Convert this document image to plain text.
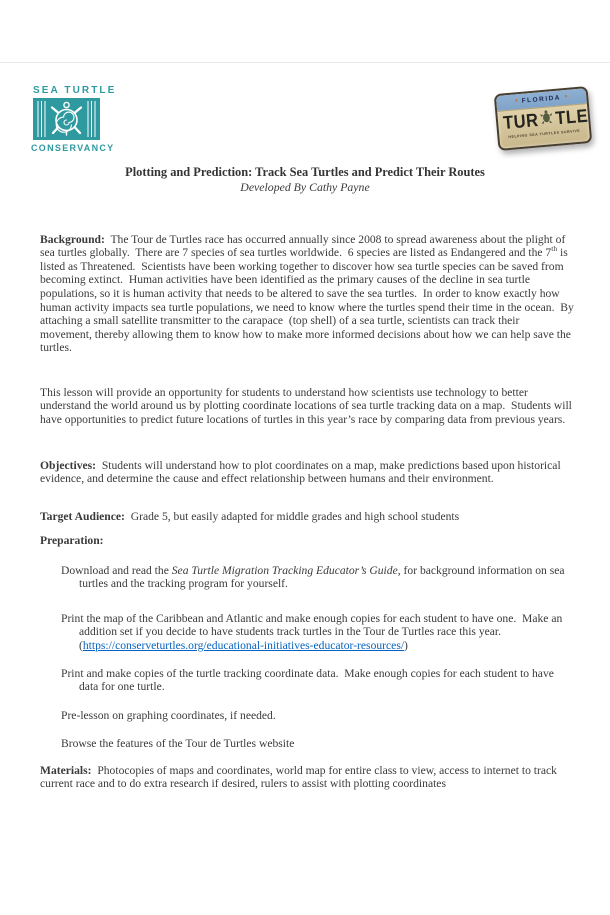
SEA TURTLE
CONSERVANCY
✶ FLORIDA ✶
TUR TLE
HELPING SEA TURTLES SURVIVE
Plotting and Prediction: Track Sea Turtles and Predict Their Routes
Developed By Cathy Payne

Background:  The Tour de Turtles race has occurred annually since 2008 to spread awareness about the plight of sea turtles globally.  There are 7 species of sea turtles worldwide.  6 species are listed as Endangered and the 7th is listed as Threatened.  Scientists have been working together to discover how sea turtle species can be saved from becoming extinct.  Human activities have been identified as the primary causes of the decline in sea turtle populations, so it is human activity that needs to be altered to save the sea turtles.  In order to know exactly how human activity impacts sea turtle populations, we need to know where the turtles spend their time in the ocean.  By attaching a small satellite transmitter to the carapace  (top shell) of a sea turtle, scientists can track their movement, thereby allowing them to know how to make more informed decisions about how we can help save the turtles.

This lesson will provide an opportunity for students to understand how scientists use technology to better understand the world around us by plotting coordinate locations of sea turtle tracking data on a map.  Students will have opportunities to predict future locations of turtles in this year’s race by comparing data from previous years.

Objectives:  Students will understand how to plot coordinates on a map, make predictions based upon historical evidence, and determine the cause and effect relationship between humans and their environment.

Target Audience:  Grade 5, but easily adapted for middle grades and high school students

Preparation:

Download and read the Sea Turtle Migration Tracking Educator’s Guide, for background information on sea turtles and the tracking program for yourself.

Print the map of the Caribbean and Atlantic and make enough copies for each student to have one.  Make an addition set if you decide to have students track turtles in the Tour de Turtles race this year. (https://conserveturtles.org/educational-initiatives-educator-resources/)

Print and make copies of the turtle tracking coordinate data.  Make enough copies for each student to have data for one turtle.

Pre-lesson on graphing coordinates, if needed.

Browse the features of the Tour de Turtles website

Materials:  Photocopies of maps and coordinates, world map for entire class to view, access to internet to track current race and to do extra research if desired, rulers to assist with plotting coordinates
